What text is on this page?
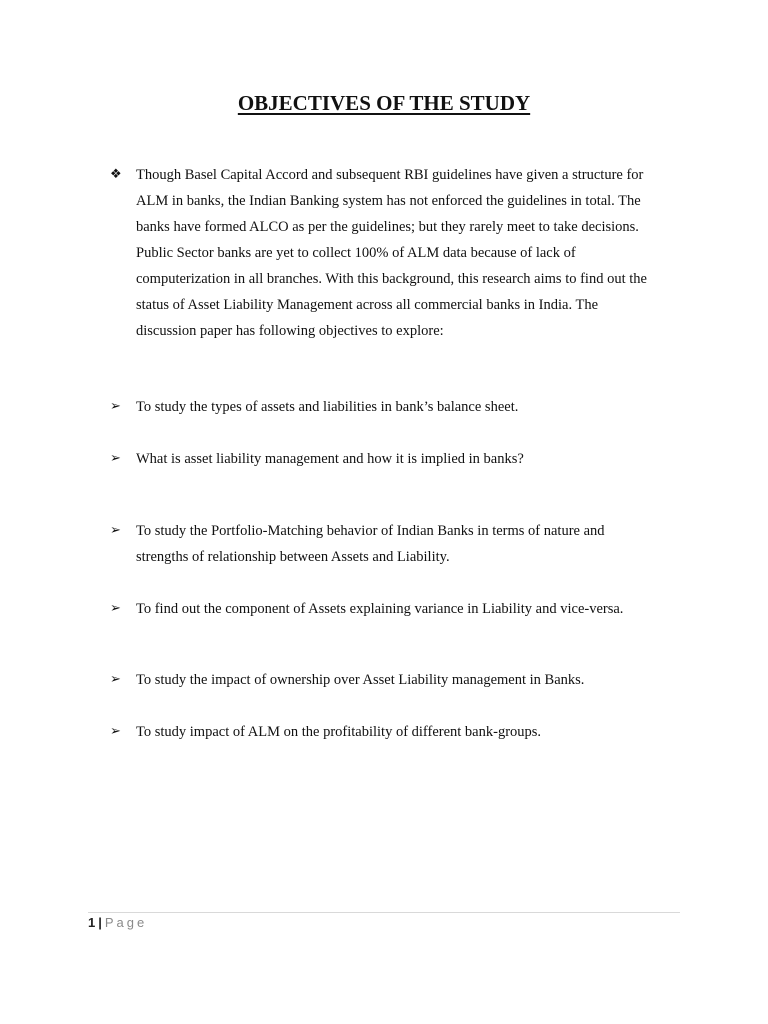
OBJECTIVES OF THE STUDY
❖ Though Basel Capital Accord and subsequent RBI guidelines have given a structure for
ALM in banks, the Indian Banking system has not enforced the guidelines in total. The
banks have formed ALCO as per the guidelines; but they rarely meet to take decisions.
Public Sector banks are yet to collect 100% of ALM data because of lack of
computerization in all branches. With this background, this research aims to find out the
status of Asset Liability Management across all commercial banks in India. The
discussion paper has following objectives to explore:
➢	To study the types of assets and liabilities in bank’s balance sheet.
➢	What is asset liability management and how it is implied in banks?
➢	To study the Portfolio-Matching behavior of Indian Banks in terms of nature and
strengths of relationship between Assets and Liability.
➢	To find out the component of Assets explaining variance in Liability and vice-versa.
➢	To study the impact of ownership over Asset Liability management in Banks.
➢	To study impact of ALM on the profitability of different bank-groups.
1 | Page
